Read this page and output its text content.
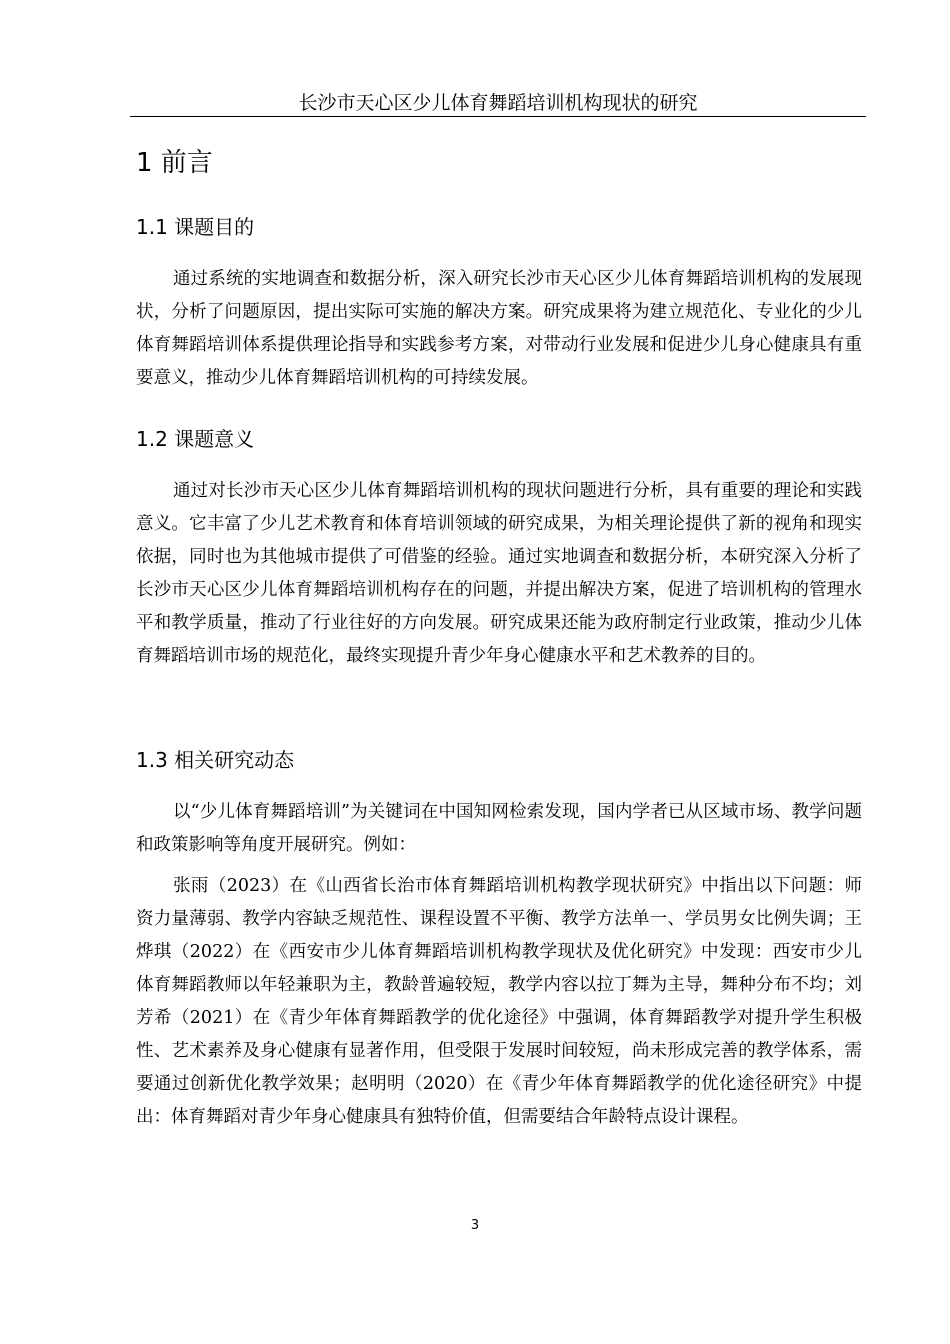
长沙市天心区少儿体育舞蹈培训机构现状的研究
1 前言
1.1 课题目的

通过系统的实地调查和数据分析，深入研究长沙市天心区少儿体育舞蹈培训机构的发展现状，分析了问题原因，提出实际可实施的解决方案。研究成果将为建立规范化、专业化的少儿体育舞蹈培训体系提供理论指导和实践参考方案，对带动行业发展和促进少儿身心健康具有重要意义，推动少儿体育舞蹈培训机构的可持续发展。

1.2 课题意义

通过对长沙市天心区少儿体育舞蹈培训机构的现状问题进行分析，具有重要的理论和实践意义。它丰富了少儿艺术教育和体育培训领域的研究成果，为相关理论提供了新的视角和现实依据，同时也为其他城市提供了可借鉴的经验。通过实地调查和数据分析，本研究深入分析了长沙市天心区少儿体育舞蹈培训机构存在的问题，并提出解决方案，促进了培训机构的管理水平和教学质量，推动了行业往好的方向发展。研究成果还能为政府制定行业政策，推动少儿体育舞蹈培训市场的规范化，最终实现提升青少年身心健康水平和艺术教养的目的。

1.3 相关研究动态

以“少儿体育舞蹈培训”为关键词在中国知网检索发现，国内学者已从区域市场、教学问题和政策影响等角度开展研究。例如：

张雨（2023）在《山西省长治市体育舞蹈培训机构教学现状研究》中指出以下问题：师资力量薄弱、教学内容缺乏规范性、课程设置不平衡、教学方法单一、学员男女比例失调；王烨琪（2022）在《西安市少儿体育舞蹈培训机构教学现状及优化研究》中发现：西安市少儿体育舞蹈教师以年轻兼职为主，教龄普遍较短，教学内容以拉丁舞为主导，舞种分布不均；刘芳希（2021）在《青少年体育舞蹈教学的优化途径》中强调，体育舞蹈教学对提升学生积极性、艺术素养及身心健康有显著作用，但受限于发展时间较短，尚未形成完善的教学体系，需要通过创新优化教学效果；赵明明（2020）在《青少年体育舞蹈教学的优化途径研究》中提出：体育舞蹈对青少年身心健康具有独特价值，但需要结合年龄特点设计课程。

3
